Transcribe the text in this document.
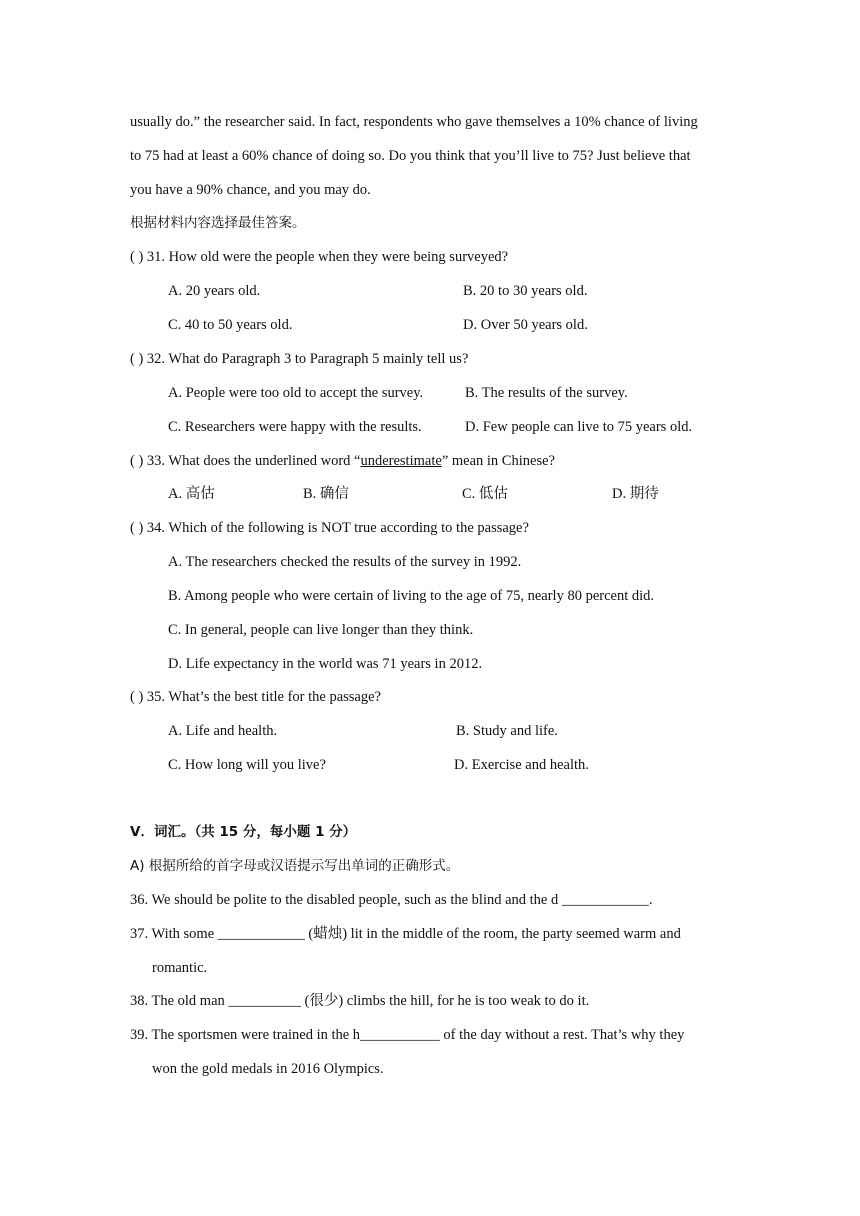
usually do.” the researcher said. In fact, respondents who gave themselves a 10% chance of living
to 75 had at least a 60% chance of doing so. Do you think that you’ll live to 75? Just believe that
you have a 90% chance, and you may do.
根据材料内容选择最佳答案。
( ) 31. How old were the people when they were being surveyed?
A. 20 years old.	B. 20 to 30 years old.
C. 40 to 50 years old.	D. Over 50 years old.
( ) 32. What do Paragraph 3 to Paragraph 5 mainly tell us?
A. People were too old to accept the survey.	B. The results of the survey.
C. Researchers were happy with the results.	D. Few people can live to 75 years old.
( ) 33. What does the underlined word “underestimate” mean in Chinese?
A. 高估	B. 确信	C. 低估	D. 期待
( ) 34. Which of the following is NOT true according to the passage?
A. The researchers checked the results of the survey in 1992.
B. Among people who were certain of living to the age of 75, nearly 80 percent did.
C. In general, people can live longer than they think.
D. Life expectancy in the world was 71 years in 2012.
( ) 35. What’s the best title for the passage?
A. Life and health.	B. Study and life.
C. How long will you live?	D. Exercise and health.
V．词汇。（共 15 分，每小题 1 分）
A) 根据所给的首字母或汉语提示写出单词的正确形式。
36. We should be polite to the disabled people, such as the blind and the d ____________.
37. With some ____________ (蜡烛) lit in the middle of the room, the party seemed warm and
romantic.
38. The old man __________ (很少) climbs the hill, for he is too weak to do it.
39. The sportsmen were trained in the h___________ of the day without a rest. That’s why they
won the gold medals in 2016 Olympics.
